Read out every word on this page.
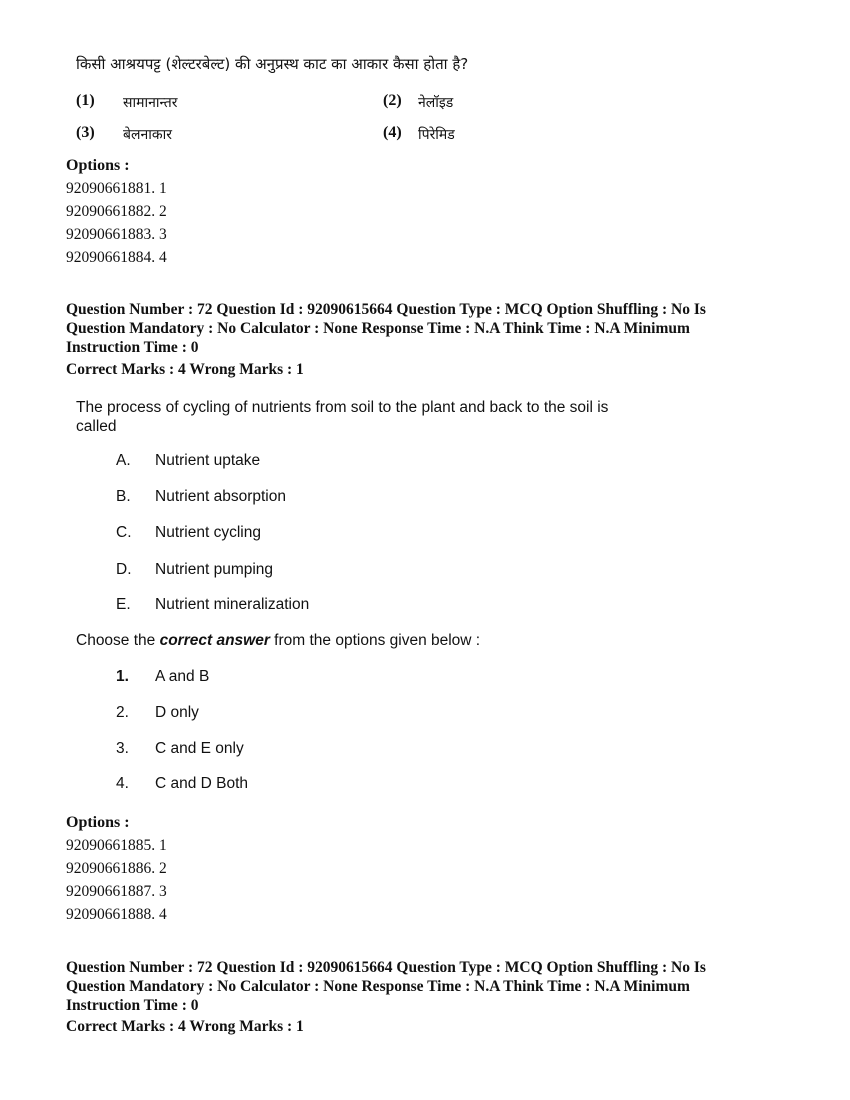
किसी आश्रयपट्ट (शेल्टरबेल्ट) की अनुप्रस्थ काट का आकार कैसा होता है?
(1) सामानान्तर	(2) नेलॉइड
(3) बेलनाकार	(4) पिरेमिड
Options :
92090661881. 1
92090661882. 2
92090661883. 3
92090661884. 4
Question Number : 72 Question Id : 92090615664 Question Type : MCQ Option Shuffling : No Is
Question Mandatory : No Calculator : None Response Time : N.A Think Time : N.A Minimum
Instruction Time : 0
Correct Marks : 4 Wrong Marks : 1
The process of cycling of nutrients from soil to the plant and back to the soil is
called
A. Nutrient uptake
B. Nutrient absorption
C. Nutrient cycling
D. Nutrient pumping
E. Nutrient mineralization
Choose the correct answer from the options given below :
1. A and B
2. D only
3. C and E only
4. C and D Both
Options :
92090661885. 1
92090661886. 2
92090661887. 3
92090661888. 4
Question Number : 72 Question Id : 92090615664 Question Type : MCQ Option Shuffling : No Is
Question Mandatory : No Calculator : None Response Time : N.A Think Time : N.A Minimum
Instruction Time : 0
Correct Marks : 4 Wrong Marks : 1
